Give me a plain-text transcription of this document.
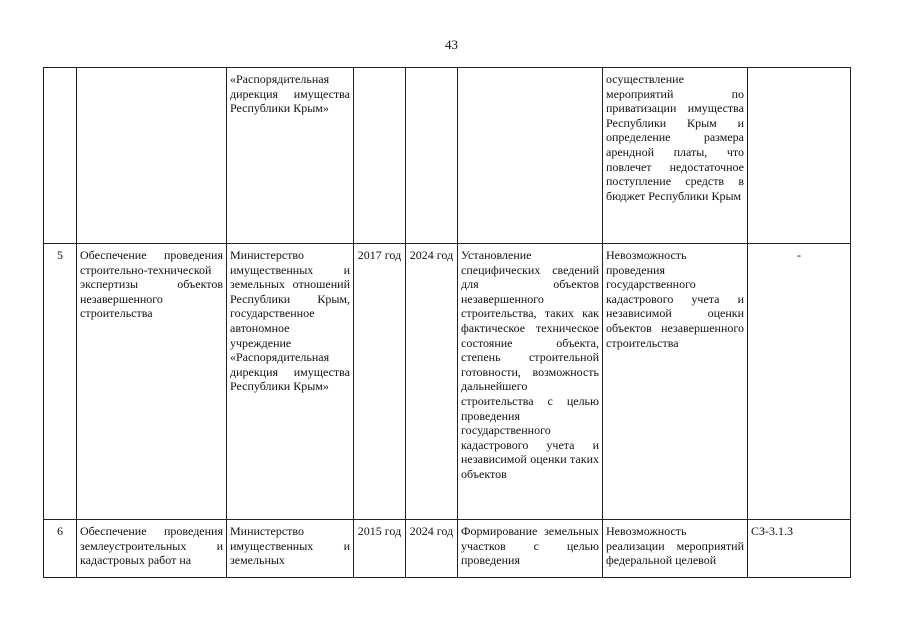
43
		«Распорядительная дирекция имущества Республики Крым»				осуществление мероприятий по приватизации имущества Республики Крым и определение размера арендной платы, что повлечет недостаточное поступление средств в бюджет Республики Крым	
5	Обеспечение проведения строительно-технической экспертизы объектов незавершенного строительства	Министерство имущественных и земельных отношений Республики Крым, государственное автономное учреждение «Распорядительная дирекция имущества Республики Крым»	2017 год	2024 год	Установление специфических сведений для объектов незавершенного строительства, таких как фактическое техническое состояние объекта, степень строительной готовности, возможность дальнейшего строительства с целью проведения государственного кадастрового учета и независимой оценки таких объектов	Невозможность проведения государственного кадастрового учета и независимой оценки объектов незавершенного строительства	-
6	Обеспечение проведения землеустроительных и кадастровых работ на	Министерство имущественных и земельных	2015 год	2024 год	Формирование земельных участков с целью проведения	Невозможность реализации мероприятий федеральной целевой	СЗ-3.1.3
